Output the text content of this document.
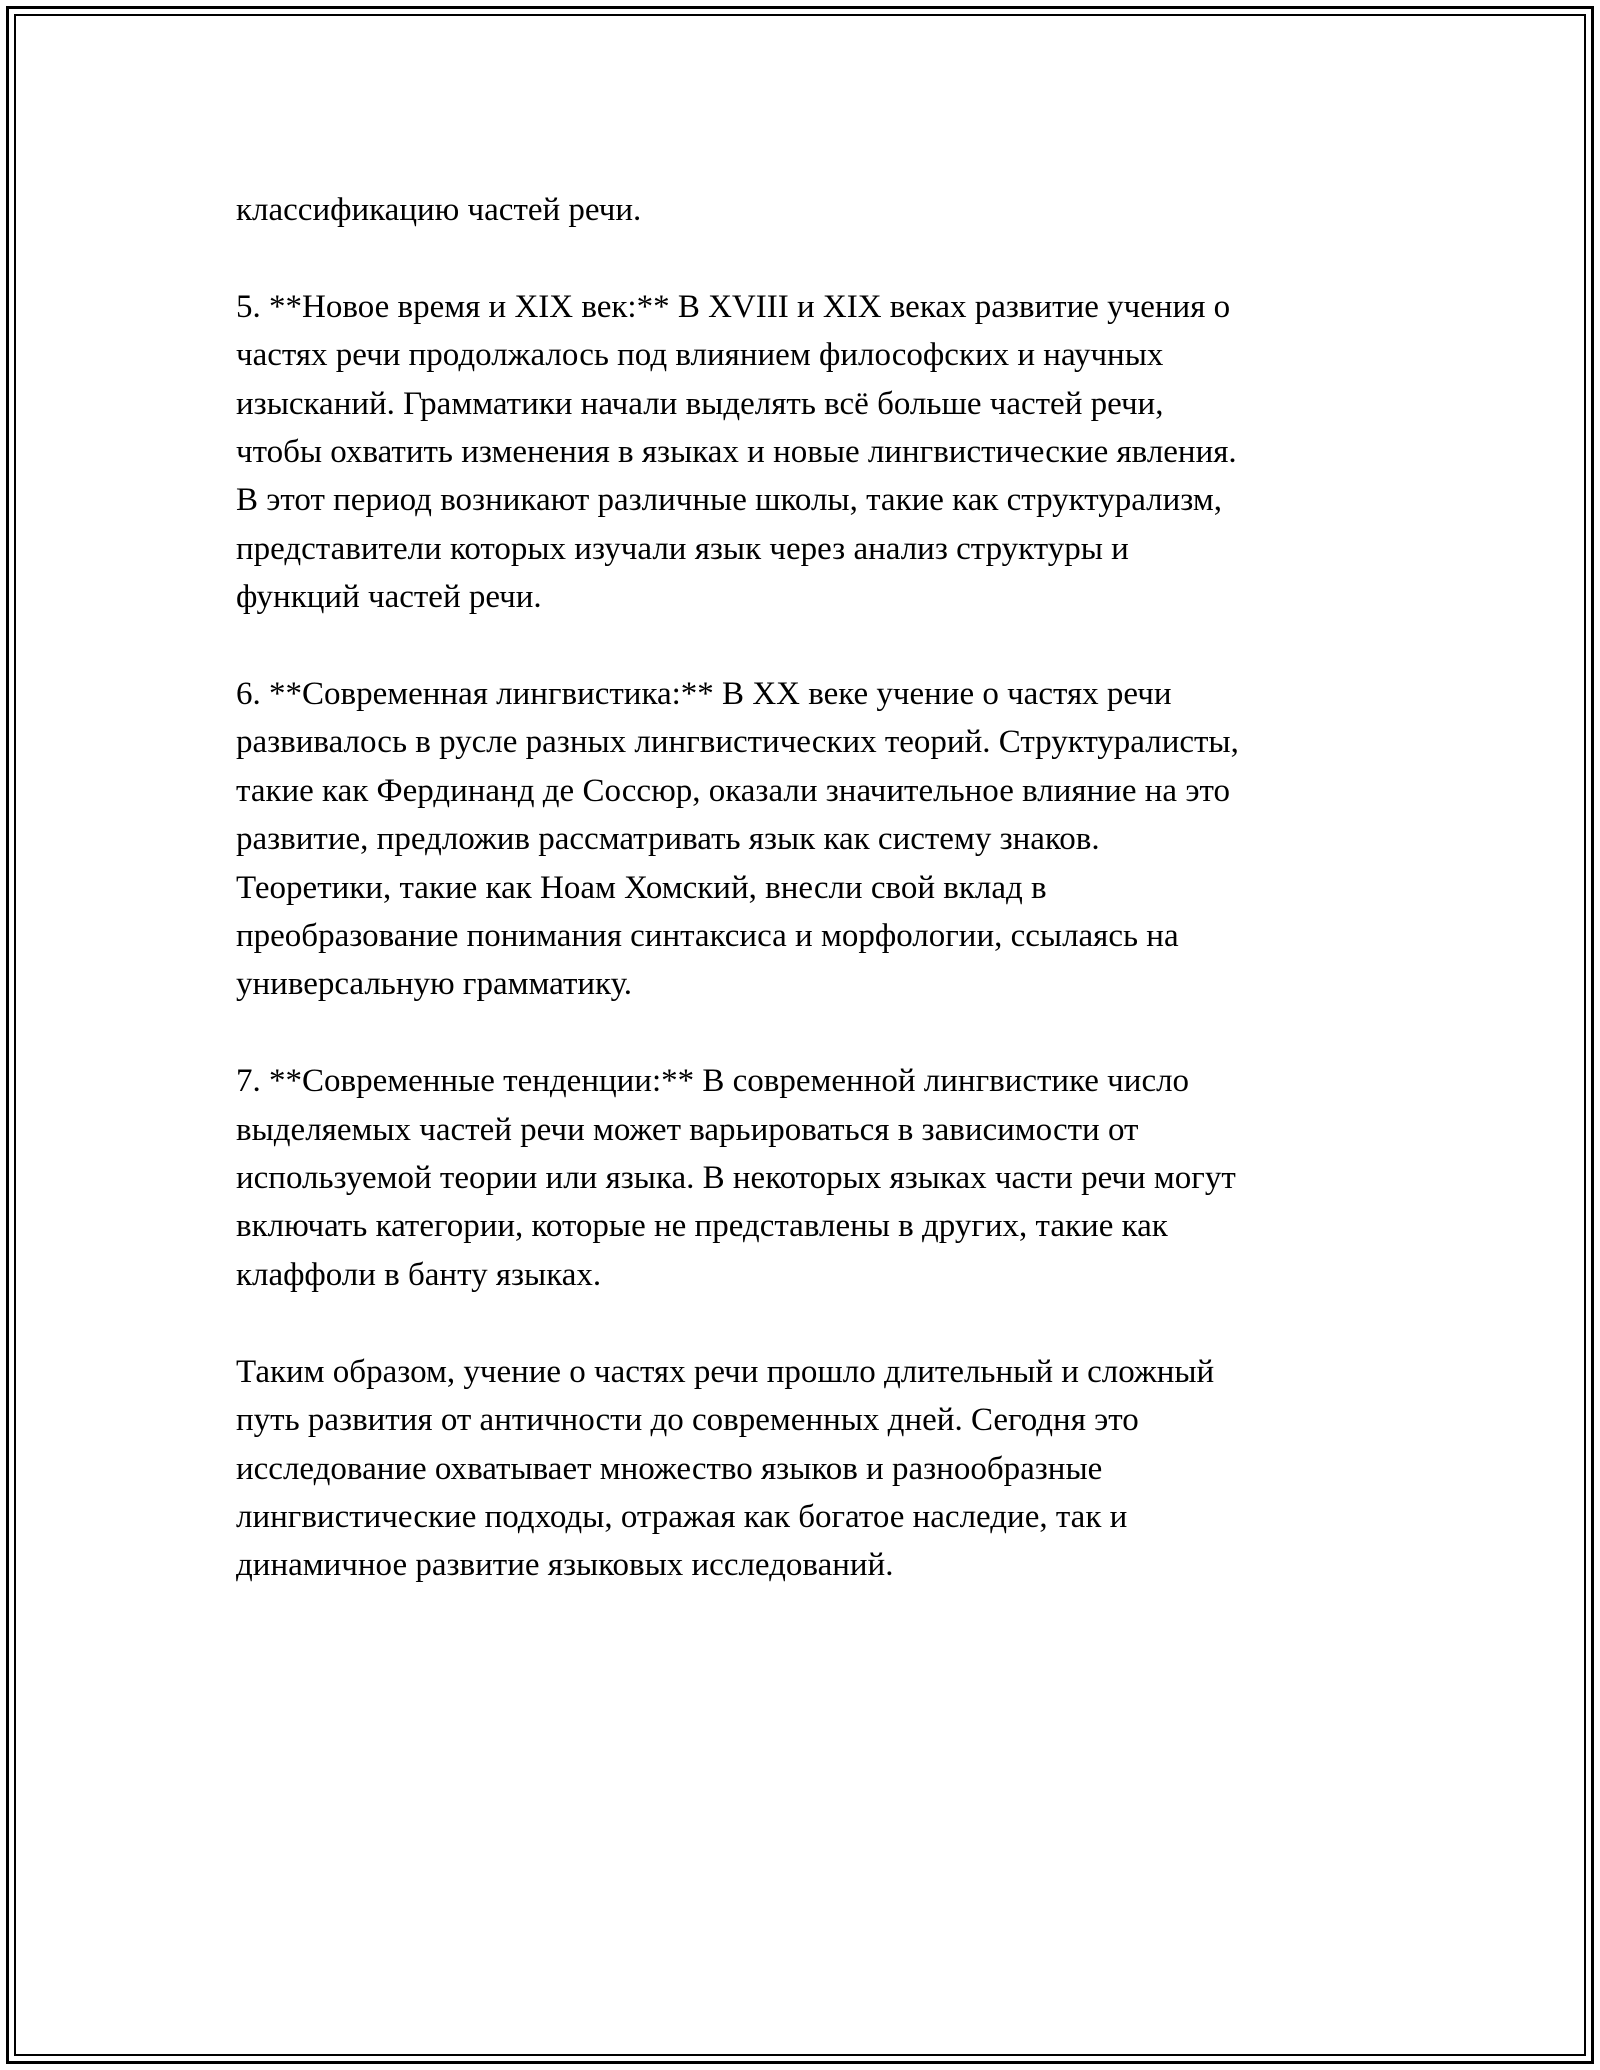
классификацию частей речи.

5. **Новое время и XIX век:** В XVIII и XIX веках развитие учения о
частях речи продолжалось под влиянием философских и научных
изысканий. Грамматики начали выделять всё больше частей речи,
чтобы охватить изменения в языках и новые лингвистические явления.
В этот период возникают различные школы, такие как структурализм,
представители которых изучали язык через анализ структуры и
функций частей речи.

6. **Современная лингвистика:** В XX веке учение о частях речи
развивалось в русле разных лингвистических теорий. Структуралисты,
такие как Фердинанд де Соссюр, оказали значительное влияние на это
развитие, предложив рассматривать язык как систему знаков.
Теоретики, такие как Ноам Хомский, внесли свой вклад в
преобразование понимания синтаксиса и морфологии, ссылаясь на
универсальную грамматику.

7. **Современные тенденции:** В современной лингвистике число
выделяемых частей речи может варьироваться в зависимости от
используемой теории или языка. В некоторых языках части речи могут
включать категории, которые не представлены в других, такие как
клаффоли в банту языках.

Таким образом, учение о частях речи прошло длительный и сложный
путь развития от античности до современных дней. Сегодня это
исследование охватывает множество языков и разнообразные
лингвистические подходы, отражая как богатое наследие, так и
динамичное развитие языковых исследований.
